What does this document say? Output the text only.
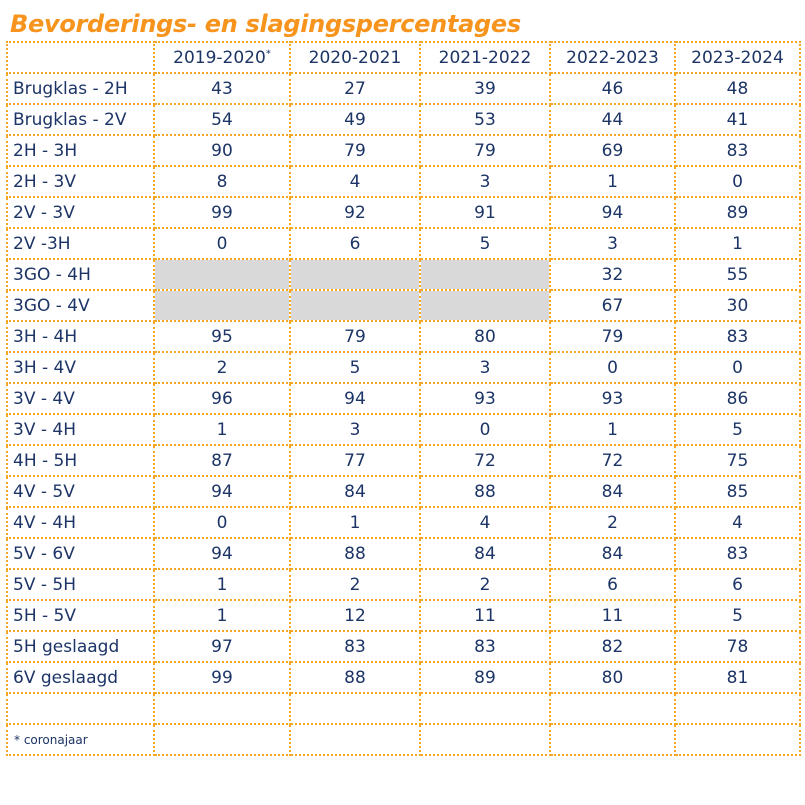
Bevorderings- en slagingspercentages
	2019-2020*	2020-2021	2021-2022	2022-2023	2023-2024
Brugklas - 2H	43	27	39	46	48
Brugklas - 2V	54	49	53	44	41
2H - 3H	90	79	79	69	83
2H - 3V	8	4	3	1	0
2V - 3V	99	92	91	94	89
2V -3H	0	6	5	3	1
3GO - 4H				32	55
3GO - 4V				67	30
3H - 4H	95	79	80	79	83
3H - 4V	2	5	3	0	0
3V - 4V	96	94	93	93	86
3V - 4H	1	3	0	1	5
4H - 5H	87	77	72	72	75
4V - 5V	94	84	88	84	85
4V - 4H	0	1	4	2	4
5V - 6V	94	88	84	84	83
5V - 5H	1	2	2	6	6
5H - 5V	1	12	11	11	5
5H geslaagd	97	83	83	82	78
6V geslaagd	99	88	89	80	81

* coronajaar					
